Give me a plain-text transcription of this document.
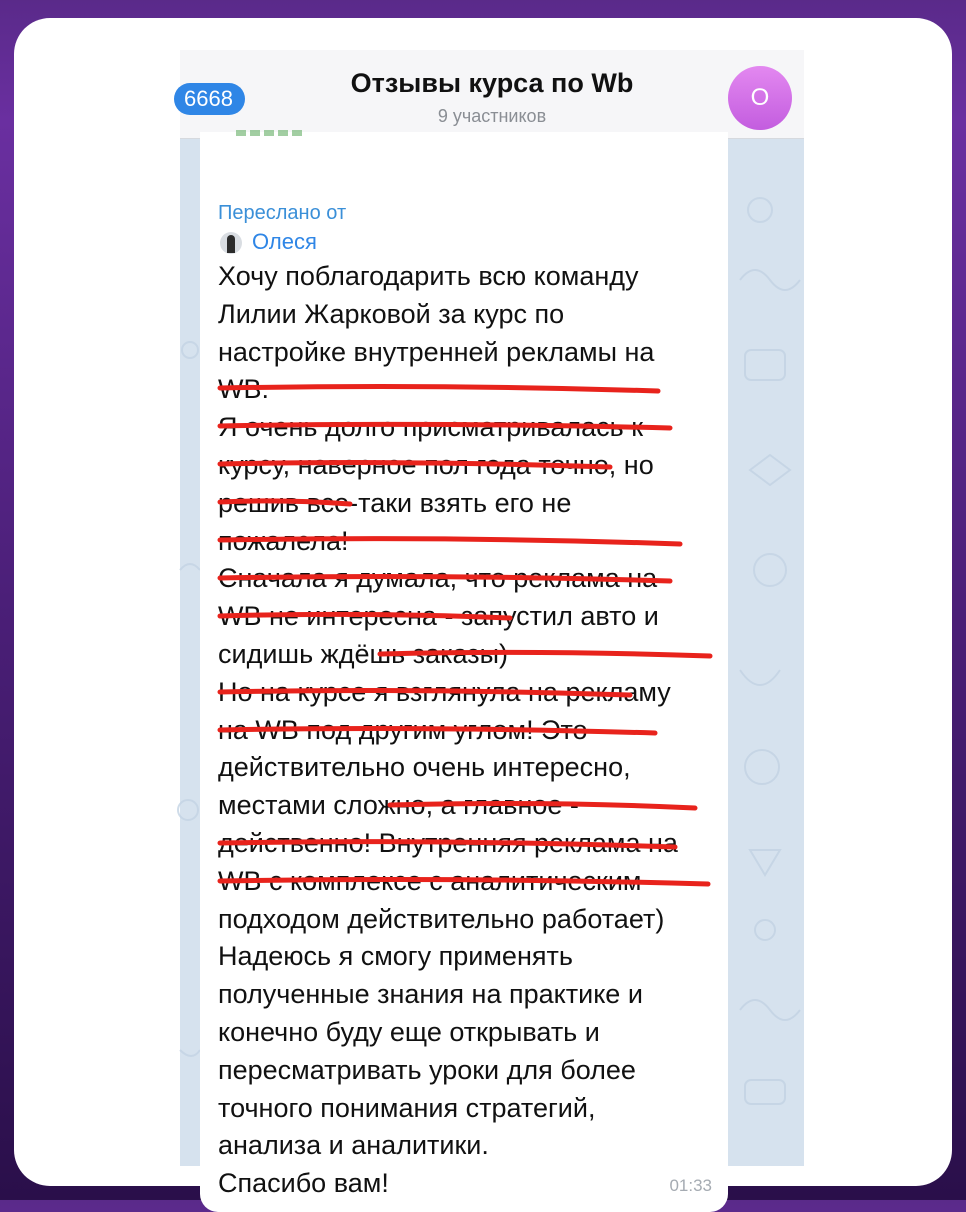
6668
Отзывы курса по Wb
9 участников
О
Переслано от
Олеся
Хочу поблагодарить всю команду
Лилии Жарковой за курс по
настройке внутренней рекламы на
WB.
Я очень долго присматривалась к
курсу, наверное пол года точно, но
решив все-таки взять его не
пожалела!
Сначала я думала, что реклама на
WB не интересна - запустил авто и
сидишь ждёшь заказы)
Но на курсе я взглянула на рекламу
на WB под другим углом! Это
действительно очень интересно,
местами сложно, а главное -
действенно! Внутренняя реклама на
WB с комплексе с аналитическим
подходом действительно работает)
Надеюсь я смогу применять
полученные знания на практике и
конечно буду еще открывать и
пересматривать уроки для более
точного понимания стратегий,
анализа и аналитики.
Спасибо вам!	01:33
